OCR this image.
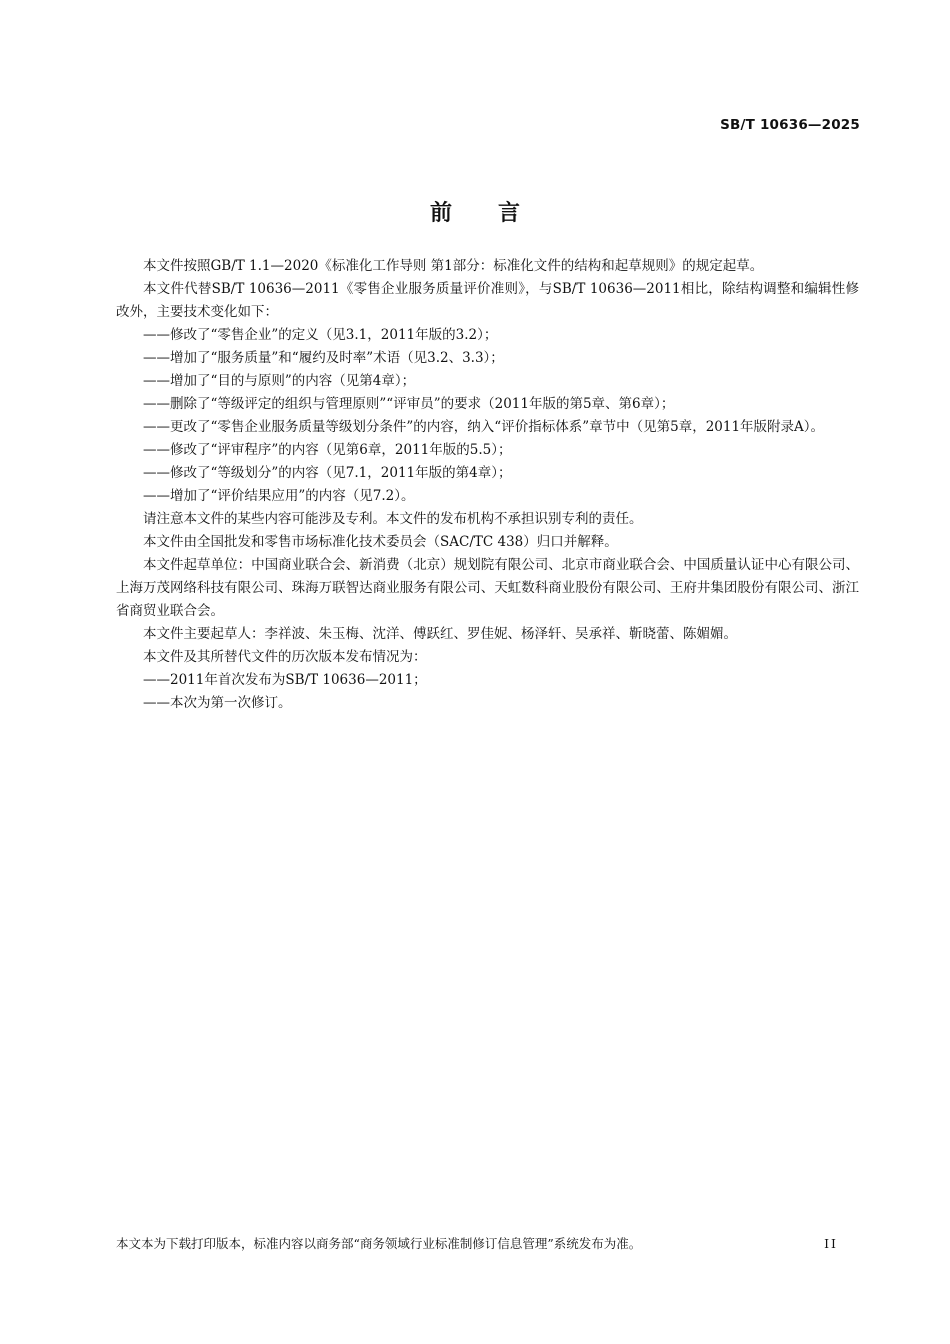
SB/T 10636—2025
前言

本文件按照GB/T 1.1—2020《标准化工作导则 第1部分：标准化文件的结构和起草规则》的规定起草。

本文件代替SB/T 10636—2011《零售企业服务质量评价准则》，与SB/T 10636—2011相比，除结构调整和编辑性修改外，主要技术变化如下：

——修改了“零售企业”的定义（见3.1，2011年版的3.2）；

——增加了“服务质量”和“履约及时率”术语（见3.2、3.3）；

——增加了“目的与原则”的内容（见第4章）；

——删除了“等级评定的组织与管理原则”“评审员”的要求（2011年版的第5章、第6章）；

——更改了“零售企业服务质量等级划分条件”的内容，纳入“评价指标体系”章节中（见第5章，2011年版附录A）。

——修改了“评审程序”的内容（见第6章，2011年版的5.5）；

——修改了“等级划分”的内容（见7.1，2011年版的第4章）；

——增加了“评价结果应用”的内容（见7.2）。

请注意本文件的某些内容可能涉及专利。本文件的发布机构不承担识别专利的责任。

本文件由全国批发和零售市场标准化技术委员会（SAC/TC 438）归口并解释。

本文件起草单位：中国商业联合会、新消费（北京）规划院有限公司、北京市商业联合会、中国质量认证中心有限公司、上海万茂网络科技有限公司、珠海万联智达商业服务有限公司、天虹数科商业股份有限公司、王府井集团股份有限公司、浙江省商贸业联合会。

本文件主要起草人：李祥波、朱玉梅、沈洋、傅跃红、罗佳妮、杨泽轩、吴承祥、靳晓蕾、陈媚媚。

本文件及其所替代文件的历次版本发布情况为：

——2011年首次发布为SB/T 10636—2011；

——本次为第一次修订。

本文本为下载打印版本，标准内容以商务部“商务领域行业标准制修订信息管理”系统发布为准。	II
